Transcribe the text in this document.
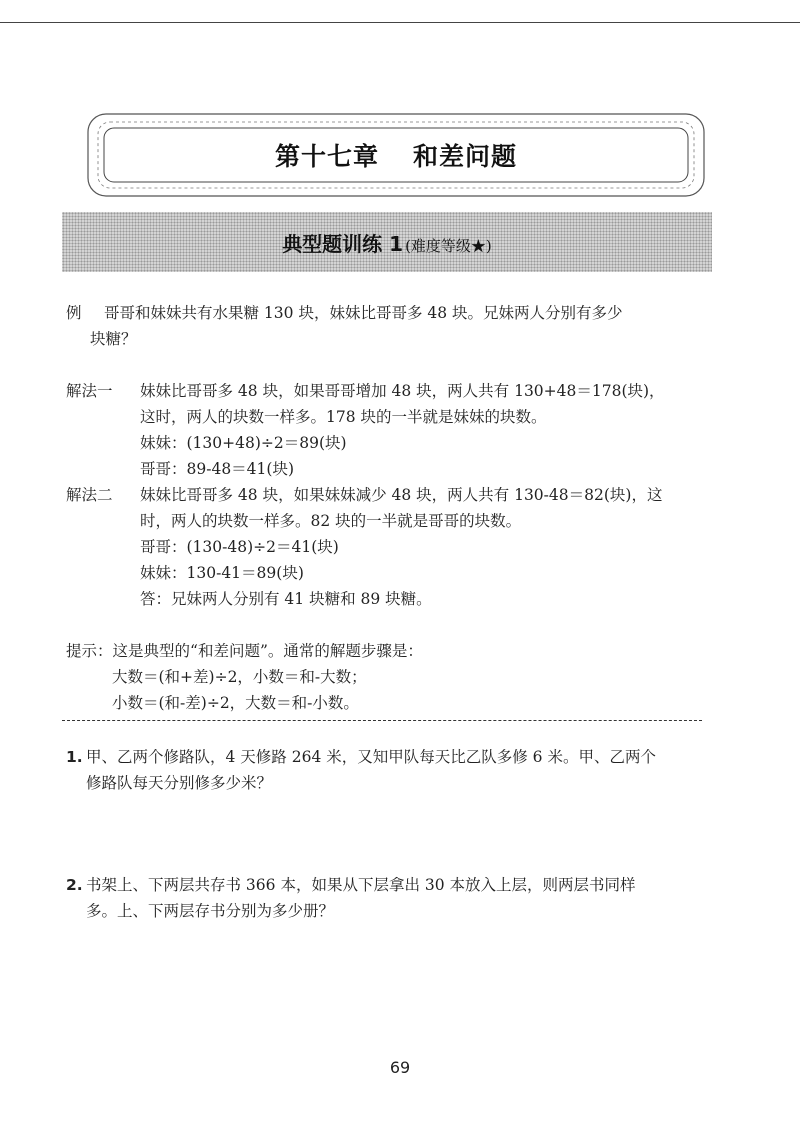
第十七章 和差问题
典型题训练 1 (难度等级★)
例 哥哥和妹妹共有水果糖 130 块，妹妹比哥哥多 48 块。兄妹两人分别有多少
块糖？
解法一 妹妹比哥哥多 48 块，如果哥哥增加 48 块，两人共有 130+48＝178(块)，
这时，两人的块数一样多。178 块的一半就是妹妹的块数。
妹妹：(130+48)÷2＝89(块)
哥哥：89-48＝41(块)
解法二 妹妹比哥哥多 48 块，如果妹妹减少 48 块，两人共有 130-48＝82(块)，这
时，两人的块数一样多。82 块的一半就是哥哥的块数。
哥哥：(130-48)÷2＝41(块)
妹妹：130-41＝89(块)
答：兄妹两人分别有 41 块糖和 89 块糖。
提示：这是典型的“和差问题”。通常的解题步骤是：
大数＝(和+差)÷2，小数＝和-大数；
小数＝(和-差)÷2，大数＝和-小数。
1. 甲、乙两个修路队，4 天修路 264 米，又知甲队每天比乙队多修 6 米。甲、乙两个
修路队每天分别修多少米？
2. 书架上、下两层共存书 366 本，如果从下层拿出 30 本放入上层，则两层书同样
多。上、下两层存书分别为多少册？
69
